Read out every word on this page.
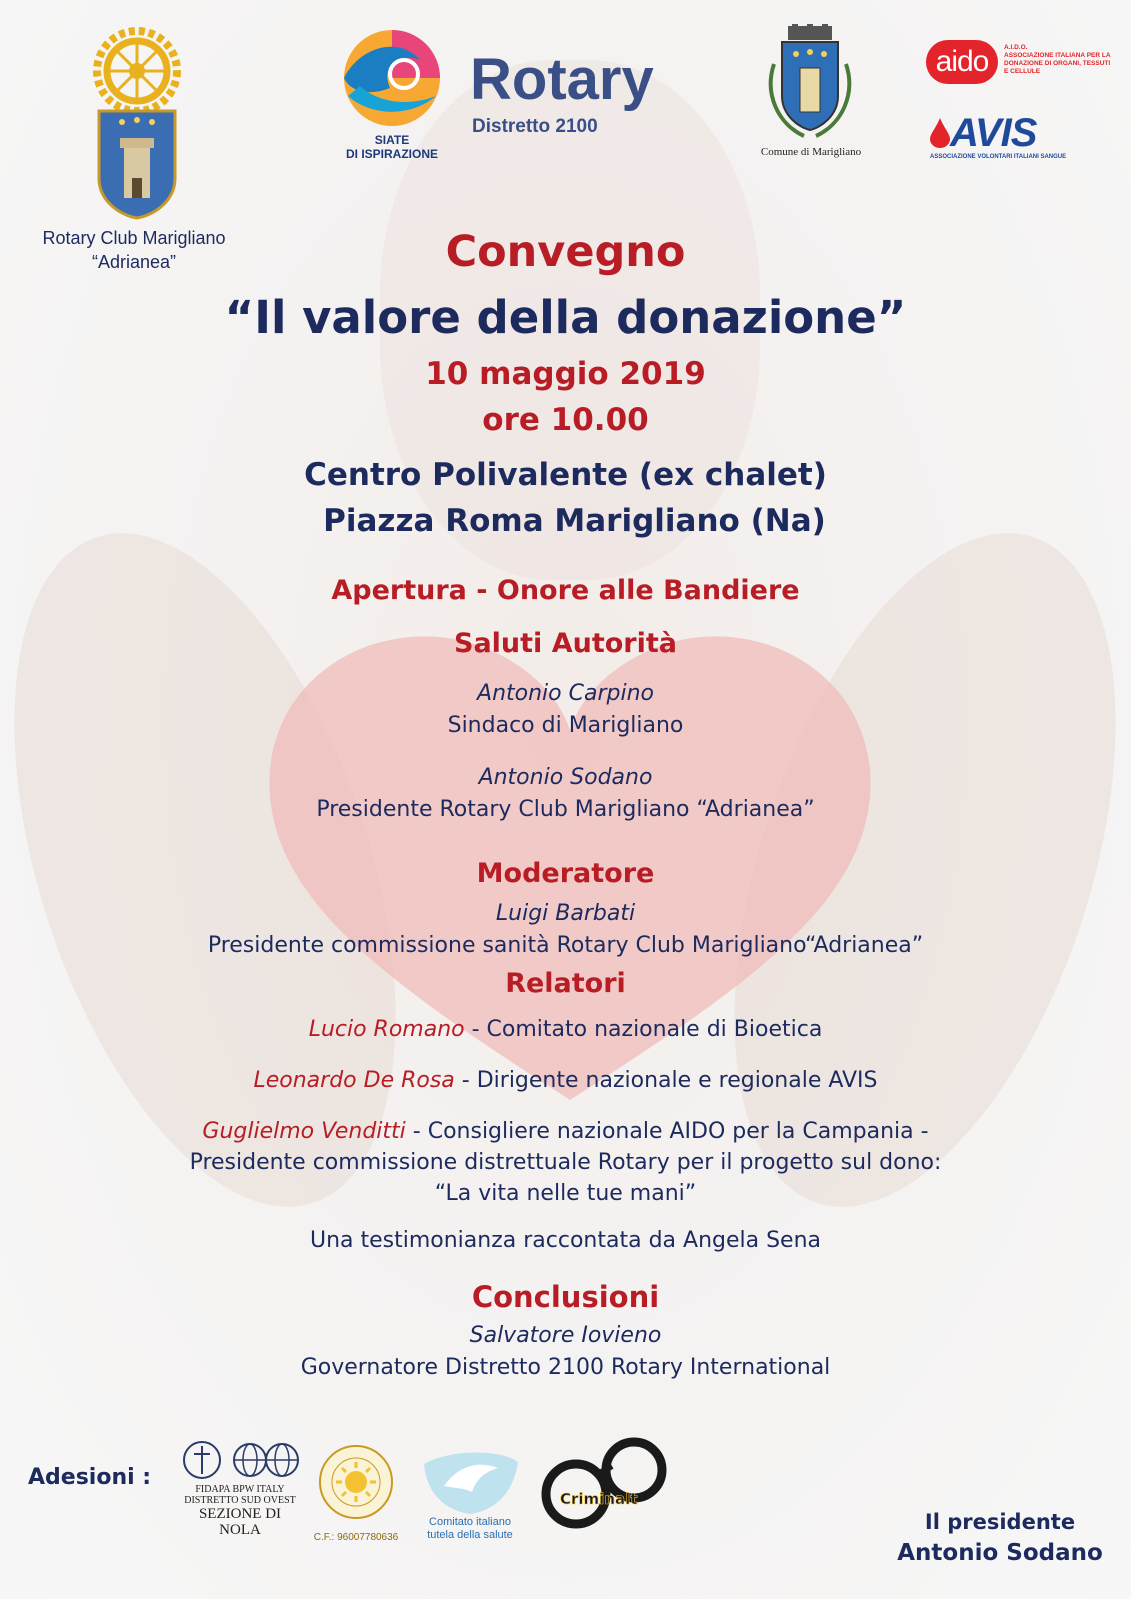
Rotary Club Marigliano
“Adrianea”
SIATE
DI ISPIRAZIONE
Rotary
Distretto 2100
Comune di Marigliano
aido	A.I.D.O.
ASSOCIAZIONE ITALIANA PER LA
DONAZIONE DI ORGANI, TESSUTI
E CELLULE
AVIS
ASSOCIAZIONE VOLONTARI ITALIANI SANGUE
Convegno
“Il valore della donazione”
10 maggio 2019
ore 10.00
Centro Polivalente (ex chalet)
Piazza Roma Marigliano (Na)
Apertura - Onore alle Bandiere
Saluti Autorità
Antonio Carpino
Sindaco di Marigliano
Antonio Sodano
Presidente Rotary Club Marigliano “Adrianea”
Moderatore
Luigi Barbati
Presidente commissione sanità Rotary Club Marigliano“Adrianea”
Relatori
Lucio Romano - Comitato nazionale di Bioetica
Leonardo De Rosa - Dirigente nazionale e regionale AVIS
Guglielmo Venditti - Consigliere nazionale AIDO per la Campania -
Presidente commissione distrettuale Rotary per il progetto sul dono:
“La vita nelle tue mani”
Una testimonianza raccontata da Angela Sena
Conclusioni
Salvatore Iovieno
Governatore Distretto 2100 Rotary International
Adesioni :	FIDAPA BPW ITALY
DISTRETTO SUD OVEST
SEZIONE DI
NOLA	C.F.: 96007780636
Comitato italiano
tutela della salute
Criminalt
Il presidente
Antonio Sodano
